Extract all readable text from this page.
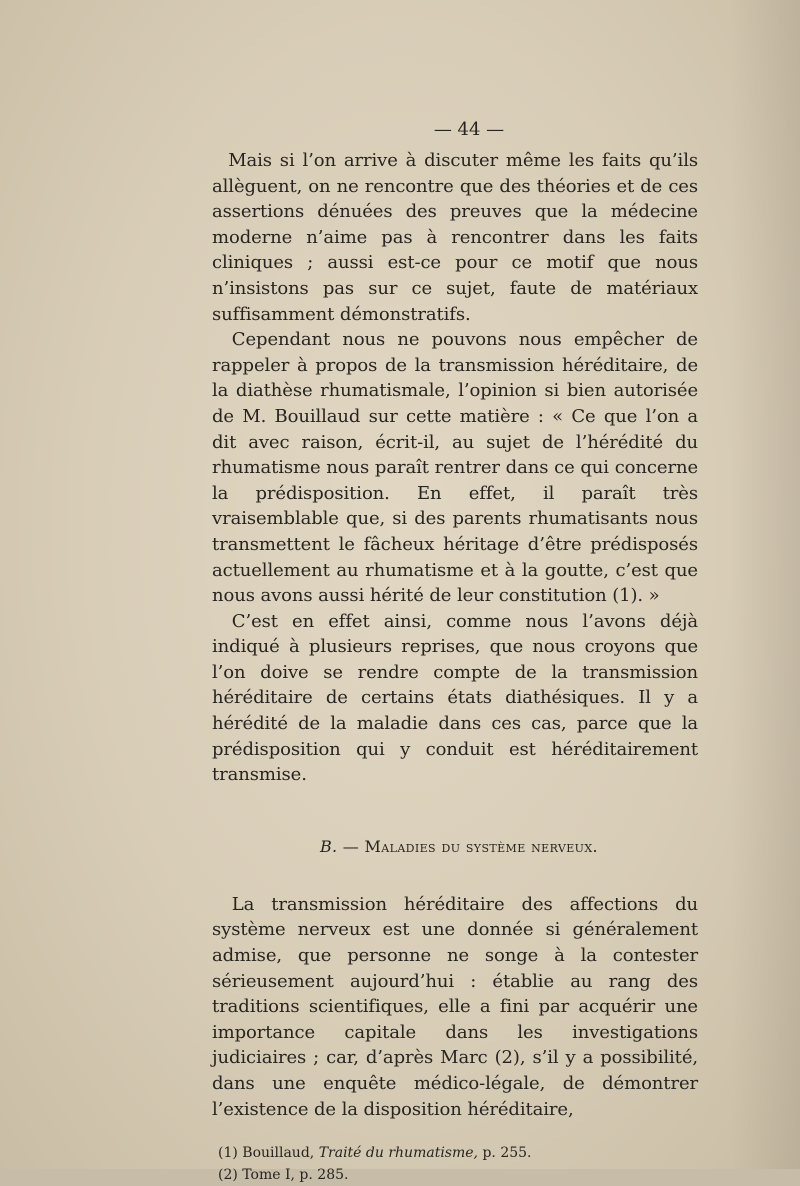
— 44 —

Mais si l’on arrive à discuter même les faits qu’ils allèguent, on ne rencontre que des théories et de ces assertions dénuées des preuves que la médecine moderne n’aime pas à rencontrer dans les faits cliniques ; aussi est-ce pour ce motif que nous n’insistons pas sur ce sujet, faute de matériaux suffisamment démonstratifs.

Cependant nous ne pouvons nous empêcher de rappeler à propos de la transmission héréditaire, de la diathèse rhumatismale, l’opinion si bien autorisée de M. Bouillaud sur cette matière : « Ce que l’on a dit avec raison, écrit-il, au sujet de l’hérédité du rhumatisme nous paraît rentrer dans ce qui concerne la prédisposition. En effet, il paraît très vraisemblable que, si des parents rhumatisants nous transmettent le fâcheux héritage d’être prédisposés actuellement au rhumatisme et à la goutte, c’est que nous avons aussi hérité de leur constitution (1). »

C’est en effet ainsi, comme nous l’avons déjà indiqué à plusieurs reprises, que nous croyons que l’on doive se rendre compte de la transmission héréditaire de certains états diathésiques. Il y a hérédité de la maladie dans ces cas, parce que la prédisposition qui y conduit est héréditairement transmise.

B. — Maladies du système nerveux.

La transmission héréditaire des affections du système nerveux est une donnée si généralement admise, que personne ne songe à la contester sérieusement aujourd’hui : établie au rang des traditions scientifiques, elle a fini par acquérir une importance capitale dans les investigations judiciaires ; car, d’après Marc (2), s’il y a possibilité, dans une enquête médico-légale, de démontrer l’existence de la disposition héréditaire,

(1) Bouillaud, Traité du rhumatisme, p. 255.

(2) Tome I, p. 285.
